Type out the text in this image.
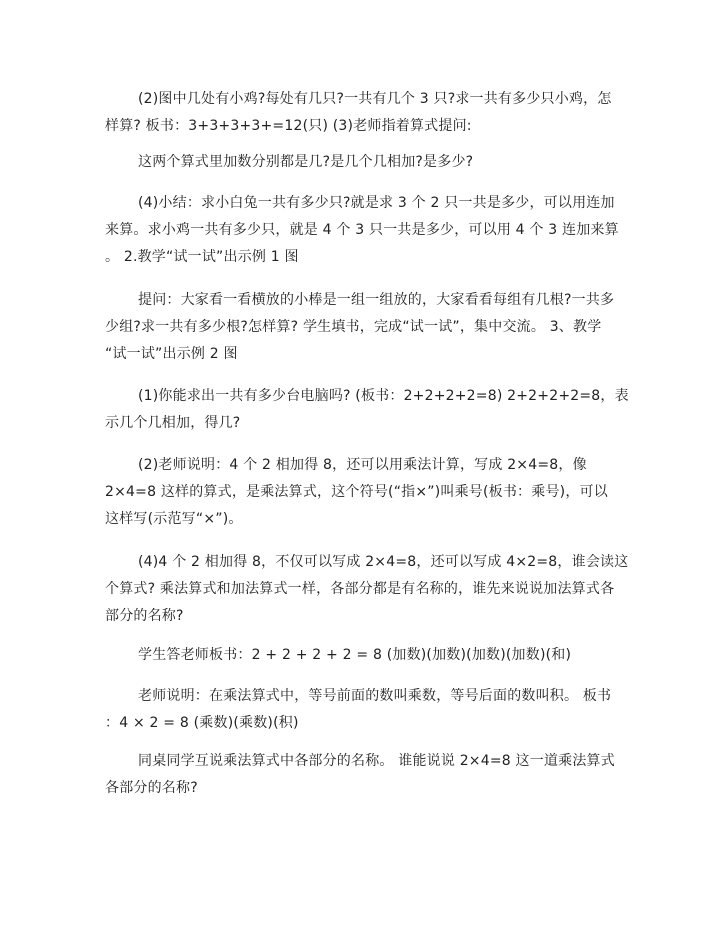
(2)图中几处有小鸡?每处有几只?一共有几个 3 只?求一共有多少只小鸡，怎
样算? 板书：3+3+3+3+=12(只) (3)老师指着算式提问:

这两个算式里加数分别都是几?是几个几相加?是多少?

(4)小结：求小白兔一共有多少只?就是求 3 个 2 只一共是多少，可以用连加
来算。求小鸡一共有多少只，就是 4 个 3 只一共是多少，可以用 4 个 3 连加来算
。 2.教学“试一试”出示例 1 图

提问：大家看一看横放的小棒是一组一组放的，大家看看每组有几根?一共多
少组?求一共有多少根?怎样算? 学生填书，完成“试一试”，集中交流。 3、教学
“试一试”出示例 2 图

(1)你能求出一共有多少台电脑吗? (板书：2+2+2+2=8) 2+2+2+2=8，表
示几个几相加，得几?

(2)老师说明：4 个 2 相加得 8，还可以用乘法计算，写成 2×4=8，像
2×4=8 这样的算式，是乘法算式，这个符号(“指×”)叫乘号(板书：乘号)，可以
这样写(示范写“×”)。

(4)4 个 2 相加得 8，不仅可以写成 2×4=8，还可以写成 4×2=8，谁会读这
个算式? 乘法算式和加法算式一样，各部分都是有名称的，谁先来说说加法算式各
部分的名称?

学生答老师板书：2 + 2 + 2 + 2 = 8 (加数)(加数)(加数)(加数)(和)

老师说明：在乘法算式中，等号前面的数叫乘数，等号后面的数叫积。 板书
：4 × 2 = 8 (乘数)(乘数)(积)

同桌同学互说乘法算式中各部分的名称。 谁能说说 2×4=8 这一道乘法算式
各部分的名称?
